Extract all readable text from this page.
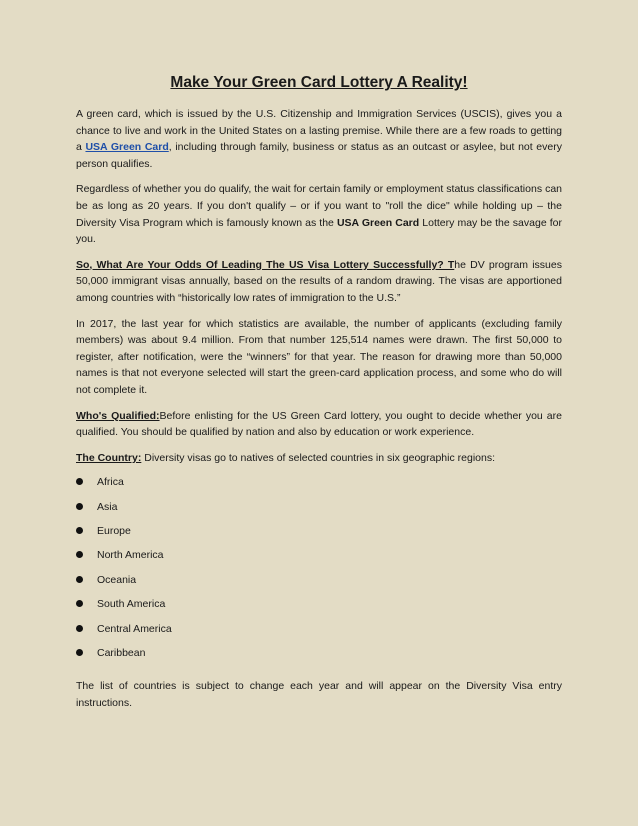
Make Your Green Card Lottery A Reality!

A green card, which is issued by the U.S. Citizenship and Immigration Services (USCIS), gives you a chance to live and work in the United States on a lasting premise. While there are a few roads to getting a USA Green Card, including through family, business or status as an outcast or asylee, but not every person qualifies.

Regardless of whether you do qualify, the wait for certain family or employment status classifications can be as long as 20 years. If you don't qualify – or if you want to "roll the dice" while holding up – the Diversity Visa Program which is famously known as the USA Green Card Lottery may be the savage for you.

So, What Are Your Odds Of Leading The US Visa Lottery Successfully? The DV program issues 50,000 immigrant visas annually, based on the results of a random drawing. The visas are apportioned among countries with “historically low rates of immigration to the U.S.”

In 2017, the last year for which statistics are available, the number of applicants (excluding family members) was about 9.4 million. From that number 125,514 names were drawn. The first 50,000 to register, after notification, were the “winners” for that year. The reason for drawing more than 50,000 names is that not everyone selected will start the green-card application process, and some who do will not complete it.

Who's Qualified:Before enlisting for the US Green Card lottery, you ought to decide whether you are qualified. You should be qualified by nation and also by education or work experience.

The Country: Diversity visas go to natives of selected countries in six geographic regions:

Africa
Asia
Europe
North America
Oceania
South America
Central America
Caribbean

The list of countries is subject to change each year and will appear on the Diversity Visa entry instructions.
